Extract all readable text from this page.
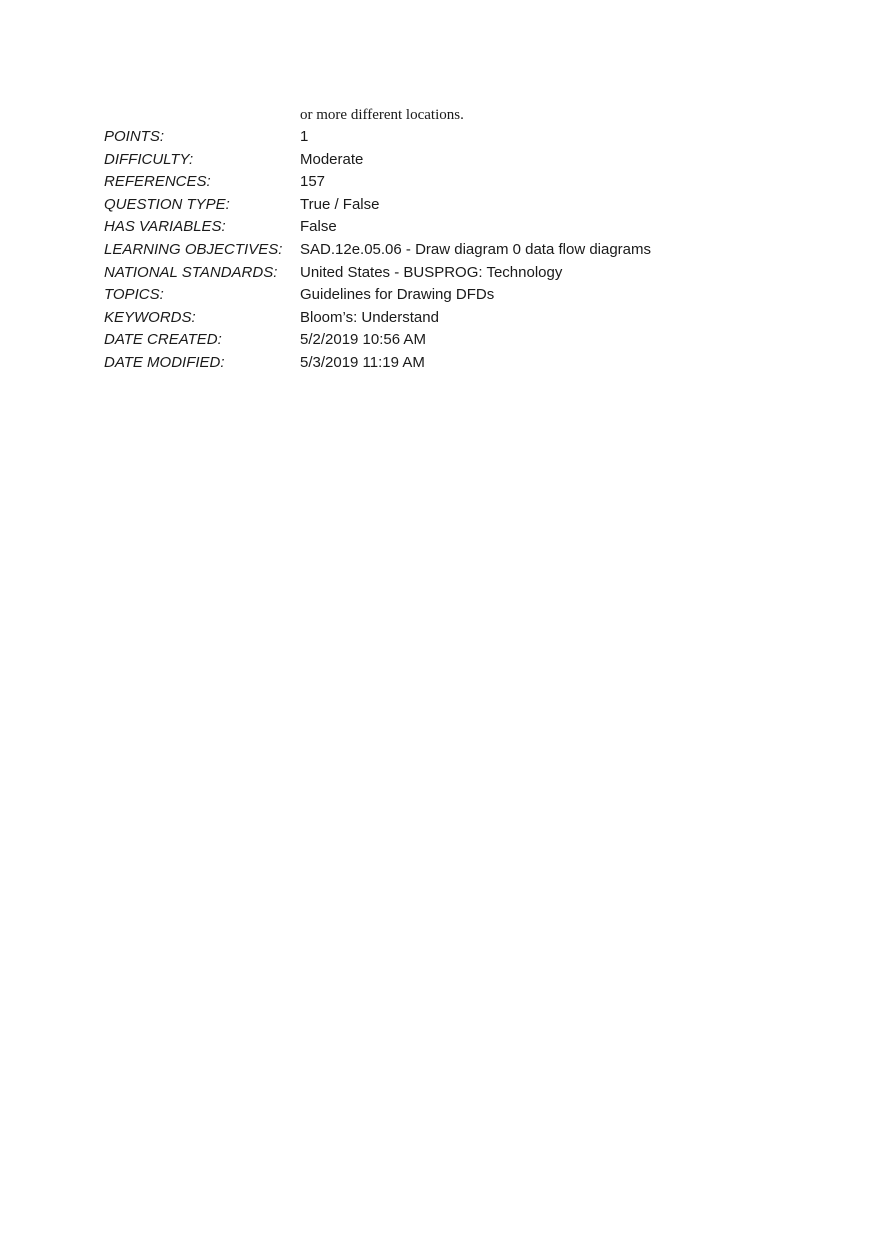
or more different locations.
POINTS:	1
DIFFICULTY:	Moderate
REFERENCES:	157
QUESTION TYPE:	True / False
HAS VARIABLES:	False
LEARNING OBJECTIVES:	SAD.12e.05.06 - Draw diagram 0 data flow diagrams
NATIONAL STANDARDS:	United States - BUSPROG: Technology
TOPICS:	Guidelines for Drawing DFDs
KEYWORDS:	Bloom’s: Understand
DATE CREATED:	5/2/2019 10:56 AM
DATE MODIFIED:	5/3/2019 11:19 AM
